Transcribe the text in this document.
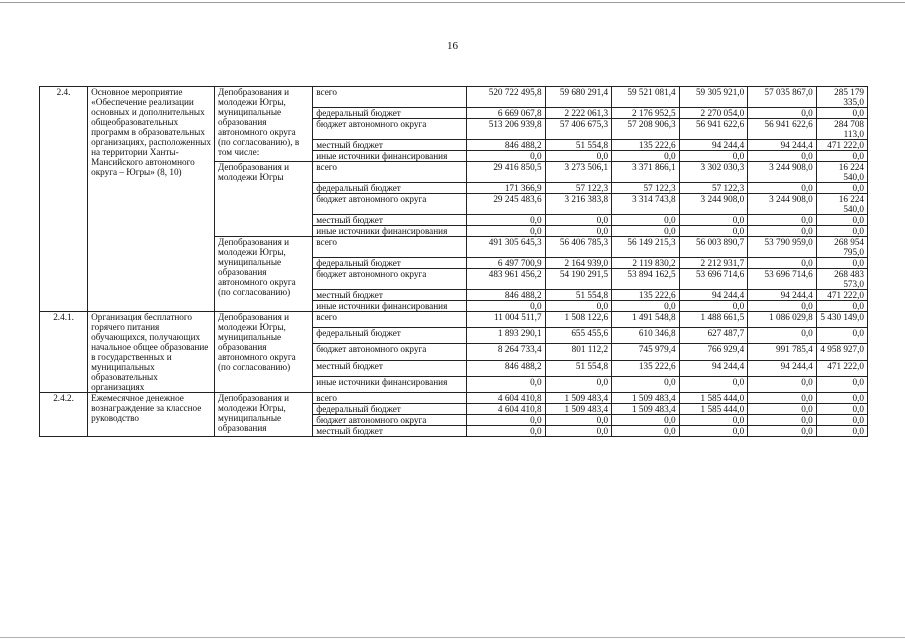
16
2.4.	Основное мероприятие «Обеспечение реализации основных и дополнительных общеобразовательных программ в образовательных организациях, расположенных на территории Ханты-Мансийского автономного округа – Югры» (8, 10)	Депобразования и молодежи Югры, муниципальные образования автономного округа (по согласованию), в том числе:	всего	520 722 495,8	59 680 291,4	59 521 081,4	59 305 921,0	57 035 867,0	285 179 335,0
			федеральный бюджет	6 669 067,8	2 222 061,3	2 176 952,5	2 270 054,0	0,0	0,0
			бюджет автономного округа	513 206 939,8	57 406 675,3	57 208 906,3	56 941 622,6	56 941 622,6	284 708 113,0
			местный бюджет	846 488,2	51 554,8	135 222,6	94 244,4	94 244,4	471 222,0
			иные источники финансирования	0,0	0,0	0,0	0,0	0,0	0,0
		Депобразования и молодежи Югры	всего	29 416 850,5	3 273 506,1	3 371 866,1	3 302 030,3	3 244 908,0	16 224 540,0
			федеральный бюджет	171 366,9	57 122,3	57 122,3	57 122,3	0,0	0,0
			бюджет автономного округа	29 245 483,6	3 216 383,8	3 314 743,8	3 244 908,0	3 244 908,0	16 224 540,0
			местный бюджет	0,0	0,0	0,0	0,0	0,0	0,0
			иные источники финансирования	0,0	0,0	0,0	0,0	0,0	0,0
		Депобразования и молодежи Югры, муниципальные образования автономного округа (по согласованию)	всего	491 305 645,3	56 406 785,3	56 149 215,3	56 003 890,7	53 790 959,0	268 954 795,0
			федеральный бюджет	6 497 700,9	2 164 939,0	2 119 830,2	2 212 931,7	0,0	0,0
			бюджет автономного округа	483 961 456,2	54 190 291,5	53 894 162,5	53 696 714,6	53 696 714,6	268 483 573,0
			местный бюджет	846 488,2	51 554,8	135 222,6	94 244,4	94 244,4	471 222,0
			иные источники финансирования	0,0	0,0	0,0	0,0	0,0	0,0
2.4.1.	Организация бесплатного горячего питания обучающихся, получающих начальное общее образование в государственных и муниципальных образовательных организациях	Депобразования и молодежи Югры, муниципальные образования автономного округа (по согласованию)	всего	11 004 511,7	1 508 122,6	1 491 548,8	1 488 661,5	1 086 029,8	5 430 149,0
			федеральный бюджет	1 893 290,1	655 455,6	610 346,8	627 487,7	0,0	0,0
			бюджет автономного округа	8 264 733,4	801 112,2	745 979,4	766 929,4	991 785,4	4 958 927,0
			местный бюджет	846 488,2	51 554,8	135 222,6	94 244,4	94 244,4	471 222,0
			иные источники финансирования	0,0	0,0	0,0	0,0	0,0	0,0
2.4.2.	Ежемесячное денежное вознаграждение за классное руководство	Депобразования и молодежи Югры, муниципальные образования	всего	4 604 410,8	1 509 483,4	1 509 483,4	1 585 444,0	0,0	0,0
			федеральный бюджет	4 604 410,8	1 509 483,4	1 509 483,4	1 585 444,0	0,0	0,0
			бюджет автономного округа	0,0	0,0	0,0	0,0	0,0	0,0
			местный бюджет	0,0	0,0	0,0	0,0	0,0	0,0
